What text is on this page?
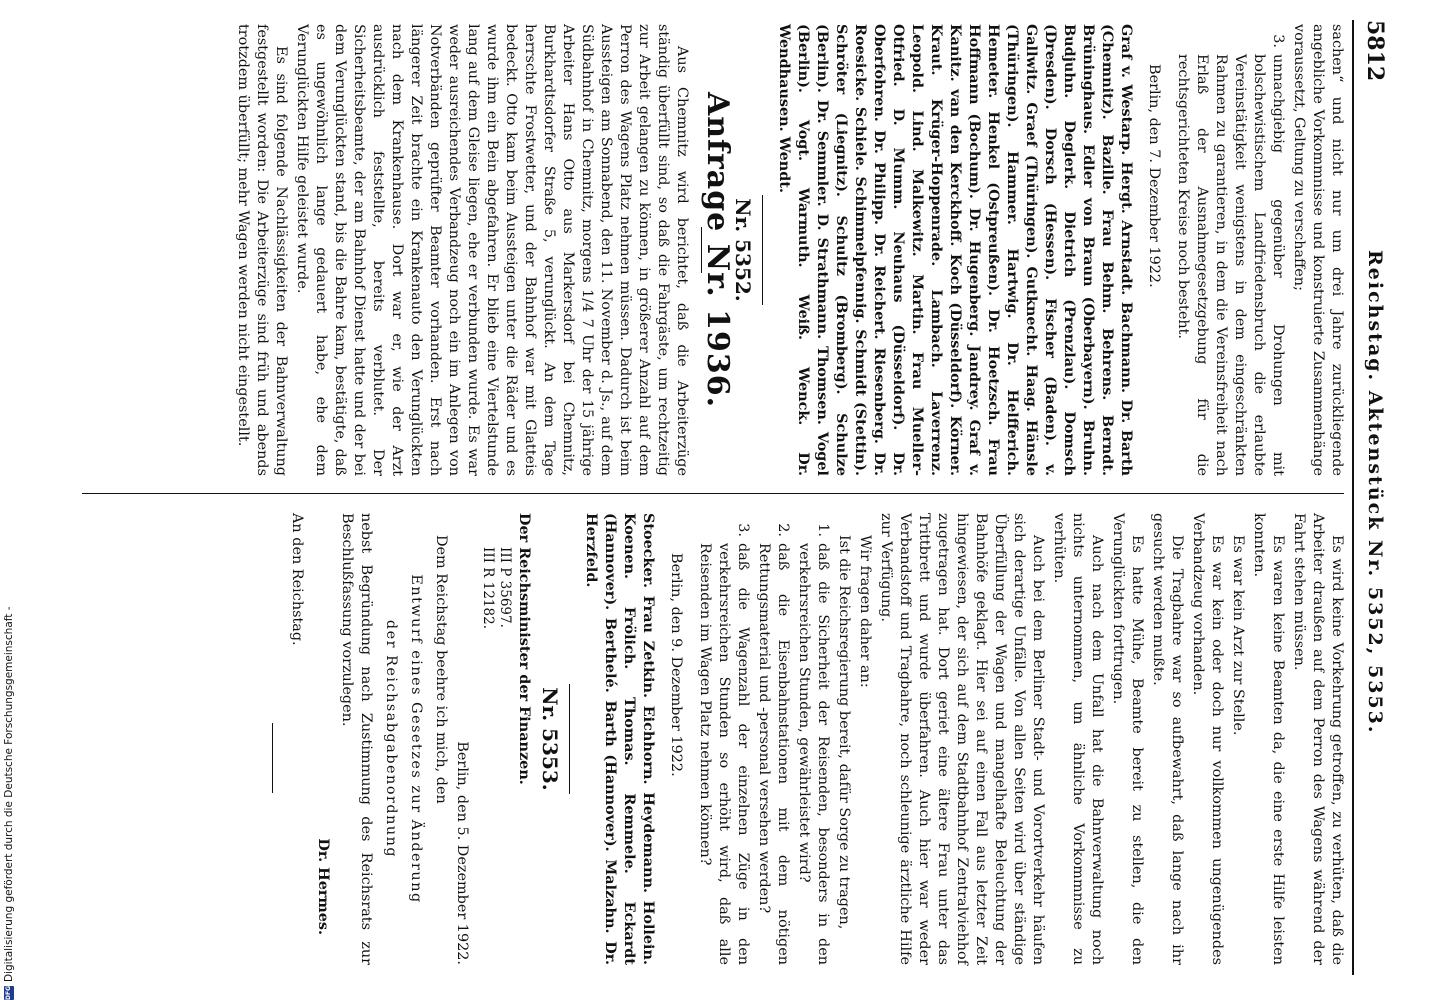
5812
Reichstag. Aktenstück Nr. 5352, 5353.

sachen“ und nicht nur um drei Jahre zurückliegende angebliche Vorkommnisse und konstruierte Zusammenhänge voraussetzt, Geltung zu verschaffen;

3.
unnachgiebig gegenüber Drohungen mit bolschewistischem Landfriedensbruch die erlaubte Vereinstätigkeit wenigstens in dem eingeschränkten Rahmen zu garantieren, in dem die Vereinsfreiheit nach Erlaß der Ausnahmegesetzgebung für die rechtsgerichteten Kreise noch besteht.

Berlin, den 7. Dezember 1922.

Graf v. Westarp. Hergt. Arnstadt. Bachmann. Dr. Barth (Chemnitz). Bazille. Frau Behm. Behrens. Berndt. Brüninghaus. Edler von Braun (Oberbayern). Bruhn. Budjuhn. Deglerk. Dietrich (Prenzlau). Domsch (Dresden). Dorsch (Hessen). Fischer (Baden). v. Gallwitz. Graef (Thüringen). Gutknecht. Haag. Hänsle (Thüringen). Hammer. Hartwig. Dr. Helfferich. Hemeter. Henkel (Ostpreußen). Dr. Hoetzsch. Frau Hoffmann (Bochum). Dr. Hugenberg. Jandrey. Graf v. Kanitz. van den Kerckhoff. Koch (Düsseldorf). Körner. Kraut. Krüger-Hoppenrade. Lambach. Laverrenz. Leopold. Lind. Malkewitz. Martin. Frau Mueller-Otfried. D. Mumm. Neuhaus (Düsseldorf). Dr. Oberfohren. Dr. Philipp. Dr. Reichert. Riesenberg. Dr. Roesicke. Schiele. Schimmelpfennig. Schmidt (Stettin). Schröter (Liegnitz). Schultz (Bromberg). Schulze (Berlin). Dr. Semmler. D. Strathmann. Thomsen. Vogel (Berlin). Vogt. Warmuth. Weiß. Wenck. Dr. Wendhausen. Wendt.

Nr. 5352.
Anfrage Nr. 1936.

Aus Chemnitz wird berichtet, daß die Arbeiterzüge ständig überfüllt sind, so daß die Fahrgäste, um rechtzeitig zur Arbeit gelangen zu können, in größerer Anzahl auf dem Perron des Wagens Platz nehmen müssen. Dadurch ist beim Aussteigen am Sonnabend, den 11. November d. Js., auf dem Südbahnhof in Chemnitz, morgens 1/4 7 Uhr der 15 jährige Arbeiter Hans Otto aus Markersdorf bei Chemnitz, Burkhardtsdorfer Straße 5, verunglückt. An dem Tage herrschte Frostwetter, und der Bahnhof war mit Glatteis bedeckt. Otto kam beim Aussteigen unter die Räder und es wurde ihm ein Bein abgefahren. Er blieb eine Viertelstunde lang auf dem Gleise liegen, ehe er verbunden wurde. Es war weder ausreichendes Verbandzeug noch ein im Anlegen von Notverbänden geprüfter Beamter vorhanden. Erst nach längerer Zeit brachte ein Krankenauto den Verunglückten nach dem Krankenhause. Dort war er, wie der Arzt ausdrücklich feststellte, bereits verblutet. Der Sicherheitsbeamte, der am Bahnhof Dienst hatte und der bei dem Verunglückten stand, bis die Bahre kam, bestätigte, daß es ungewöhnlich lange gedauert habe, ehe dem Verunglückten Hilfe geleistet wurde.

Es sind folgende Nachlässigkeiten der Bahnverwaltung festgestellt worden: Die Arbeiterzüge sind früh und abends trotzdem überfüllt; mehr Wagen werden nicht eingestellt.

Es wird keine Vorkehrung getroffen, zu verhüten, daß die Arbeiter draußen auf dem Perron des Wagens während der Fahrt stehen müssen.

Es waren keine Beamten da, die eine erste Hilfe leisten konnten.

Es war kein Arzt zur Stelle.

Es war kein oder doch nur vollkommen ungenügendes Verbandzeug vorhanden.

Die Tragbahre war so aufbewahrt, daß lange nach ihr gesucht werden mußte.

Es hatte Mühe, Beamte bereit zu stellen, die den Verunglückten forttrugen.

Auch nach dem Unfall hat die Bahnverwaltung noch nichts unternommen, um ähnliche Vorkommnisse zu verhüten.

Auch bei dem Berliner Stadt- und Vorortverkehr häufen sich derartige Unfälle. Von allen Seiten wird über ständige Überfüllung der Wagen und mangelhafte Beleuchtung der Bahnhöfe geklagt. Hier sei auf einen Fall aus letzter Zeit hingewiesen, der sich auf dem Stadtbahnhof Zentralviehhof zugetragen hat. Dort geriet eine ältere Frau unter das Trittbrett und wurde überfahren. Auch hier war weder Verbandstoff und Tragbahre, noch schleunige ärztliche Hilfe zur Verfügung.

Wir fragen daher an:

Ist die Reichsregierung bereit, dafür Sorge zu tragen,

1.
daß die Sicherheit der Reisenden, besonders in den verkehrsreichen Stunden, gewährleistet wird?
2.
daß die Eisenbahnstationen mit dem nötigen Rettungsmaterial und -personal versehen werden?
3.
daß die Wagenzahl der einzelnen Züge in den verkehrsreichen Stunden so erhöht wird, daß alle Reisenden im Wagen Platz nehmen können?

Berlin, den 9. Dezember 1922.

Stoecker. Frau Zetkin. Eichhorn. Heydemann. Hollein. Koenen. Frölich. Thomas. Remmele. Eckardt (Hannover). Berthelé. Barth (Hannover). Malzahn. Dr. Herzfeld.

Nr. 5353.

Der Reichsminister der Finanzen.

III P 35697.
III R 12182.

Berlin, den 5. Dezember 1922.

Dem Reichstag beehre ich mich, den

Entwurf eines Gesetzes zur Änderung

der Reichsabgabenordnung

nebst Begründung nach Zustimmung des Reichsrats zur Beschlußfassung vorzulegen.

Dr. Hermes.

An den Reichstag.

DFG
Digitalisierung gefördert durch die Deutsche Forschungsgemeinschaft -
